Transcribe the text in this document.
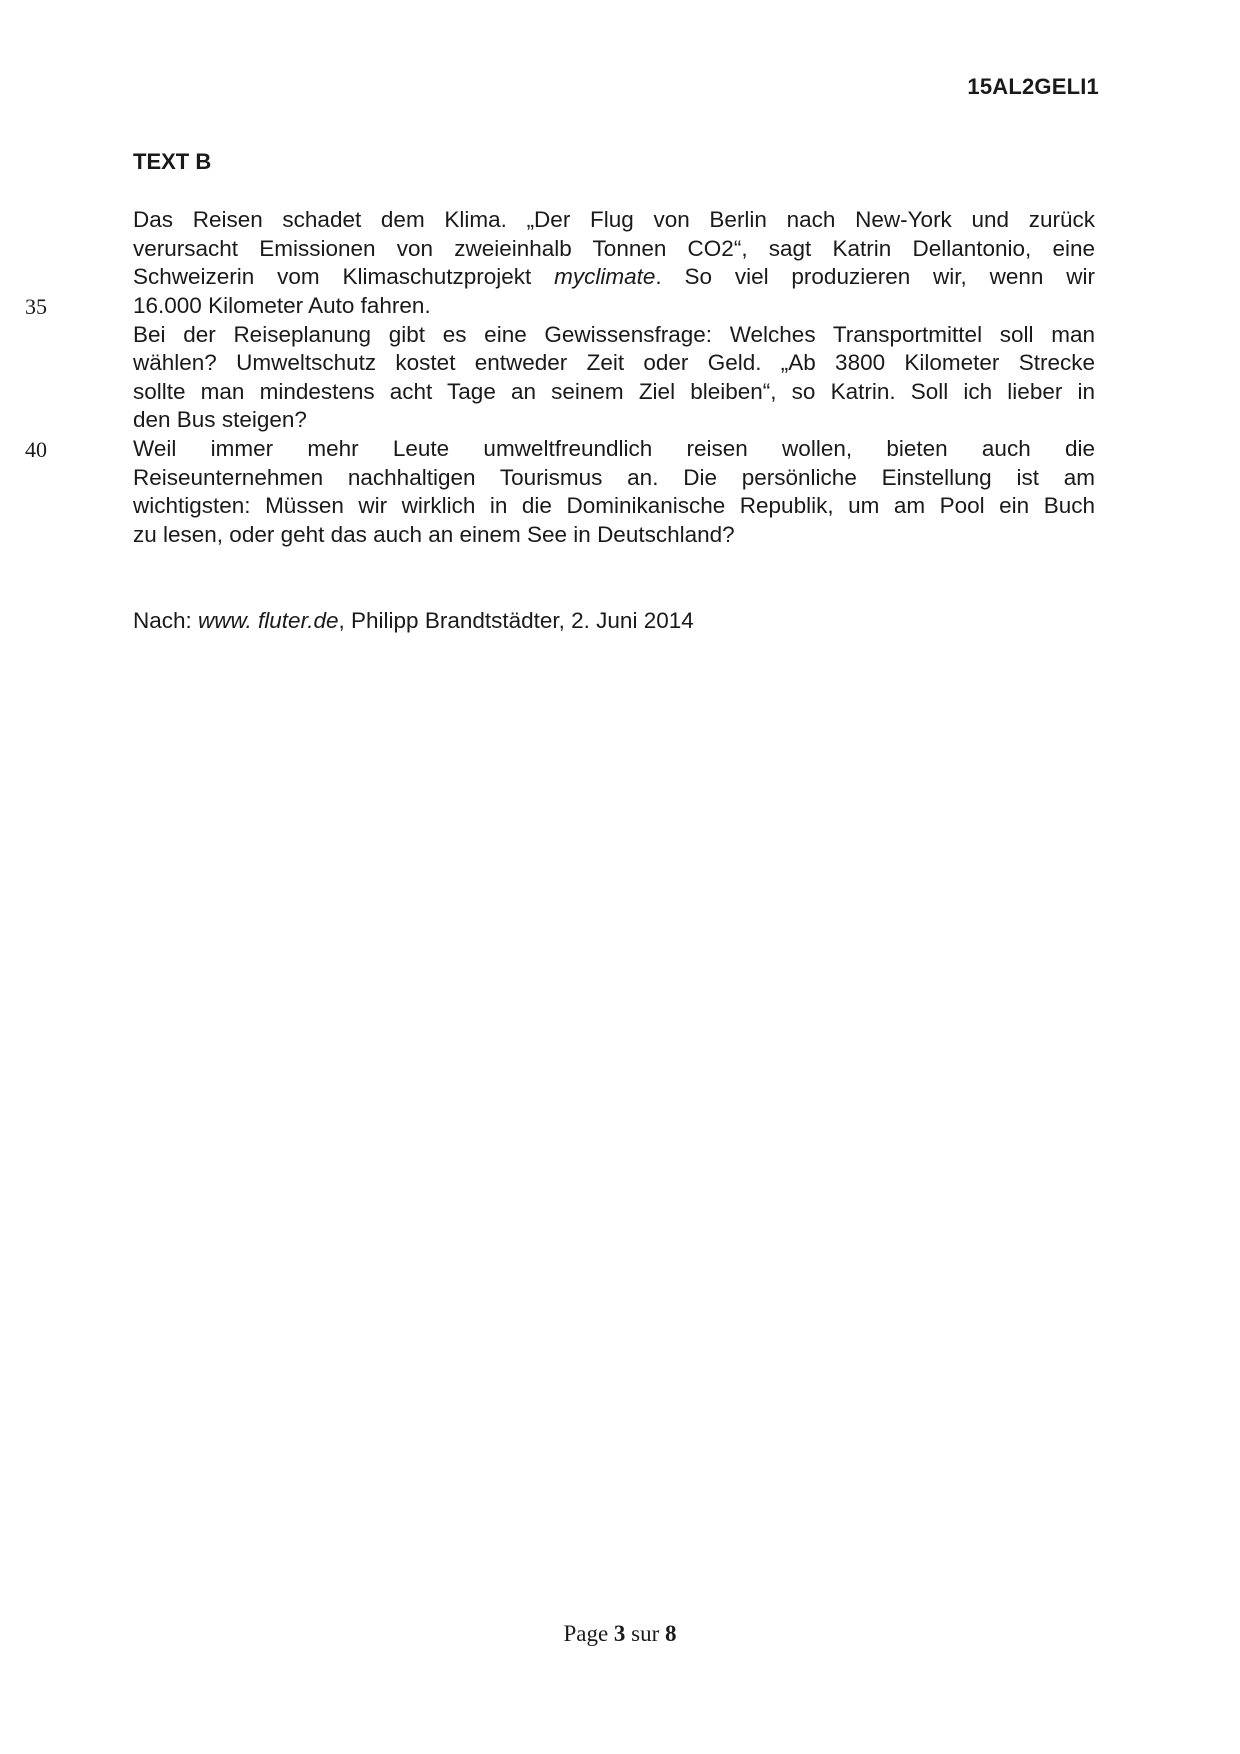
15AL2GELI1
TEXT B
Das Reisen schadet dem Klima. „Der Flug von Berlin nach New-York und zurück
verursacht Emissionen von zweieinhalb Tonnen CO2“, sagt Katrin Dellantonio, eine
Schweizerin vom Klimaschutzprojekt myclimate. So viel produzieren wir, wenn wir
16.000 Kilometer Auto fahren.
Bei der Reiseplanung gibt es eine Gewissensfrage: Welches Transportmittel soll man
wählen? Umweltschutz kostet entweder Zeit oder Geld. „Ab 3800 Kilometer Strecke
sollte man mindestens acht Tage an seinem Ziel bleiben“, so Katrin. Soll ich lieber in
den Bus steigen?
Weil immer mehr Leute umweltfreundlich reisen wollen, bieten auch die
Reiseunternehmen nachhaltigen Tourismus an. Die persönliche Einstellung ist am
wichtigsten: Müssen wir wirklich in die Dominikanische Republik, um am Pool ein Buch
zu lesen, oder geht das auch an einem See in Deutschland?
35
40
Nach: www. fluter.de, Philipp Brandtstädter, 2. Juni 2014
Page 3 sur 8
